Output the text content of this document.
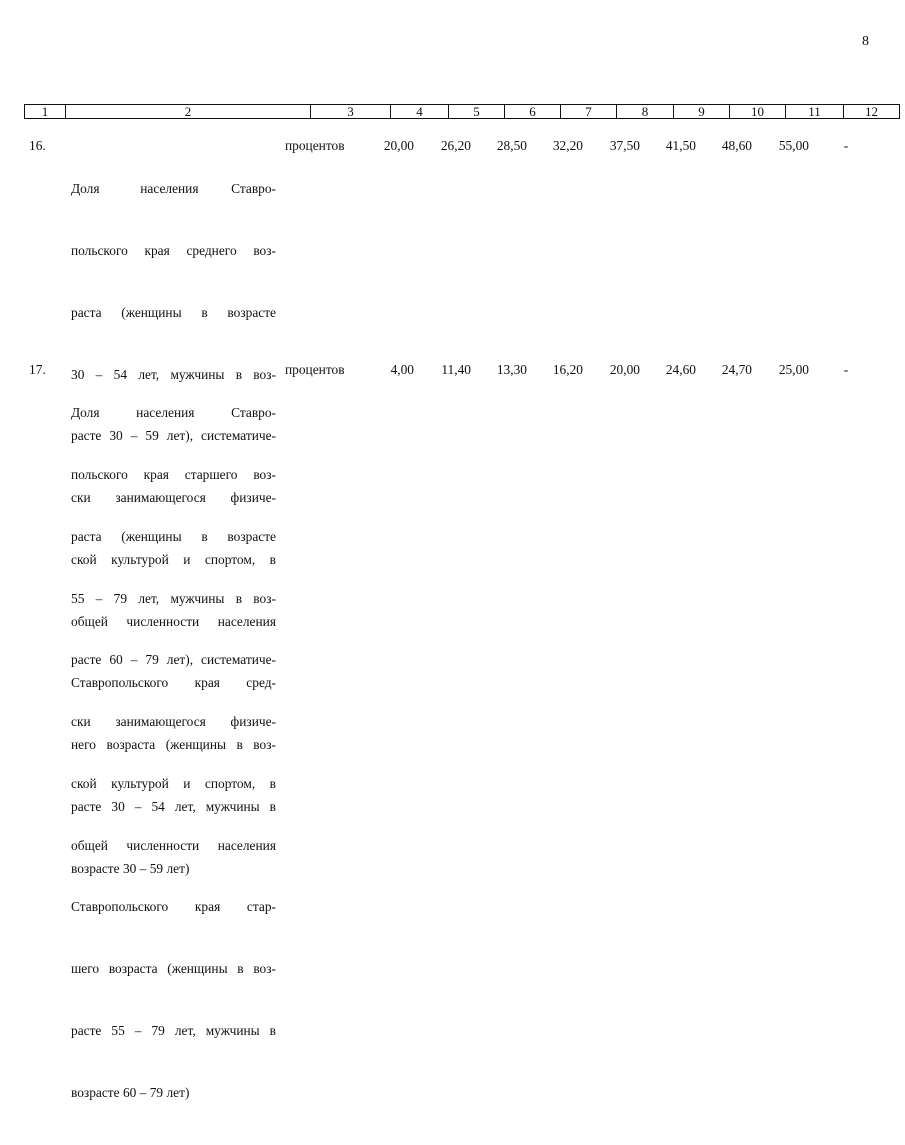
8
1	2	3	4	5	6	7	8	9	10	11	12
16.

Доля     населения    Ставро-

польского края среднего воз-

раста  (женщины  в  возрасте

30  –  54  лет,  мужчины  в  воз-

расте 30 – 59 лет), систематиче-

ски   занимающегося   физиче-

ской  культурой  и  спортом,  в

общей численности населения

Ставропольского   края   сред-

него возраста (женщины в воз-

расте  30  –  54  лет,  мужчины  в

возрасте 30 – 59 лет)

процентов	20,00	26,20	28,50	32,20	37,50	41,50	48,60	55,00	-
17.

Доля     населения     Ставро-

польского края старшего воз-

раста  (женщины  в  возрасте

55  –  79  лет,  мужчины  в  воз-

расте 60 – 79 лет), систематиче-

ски   занимающегося   физиче-

ской  культурой  и  спортом,  в

общей численности населения

Ставропольского   края   стар-

шего возраста (женщины в воз-

расте  55  –  79  лет,  мужчины  в

возрасте 60 – 79 лет)

процентов	4,00	11,40	13,30	16,20	20,00	24,60	24,70	25,00	-
